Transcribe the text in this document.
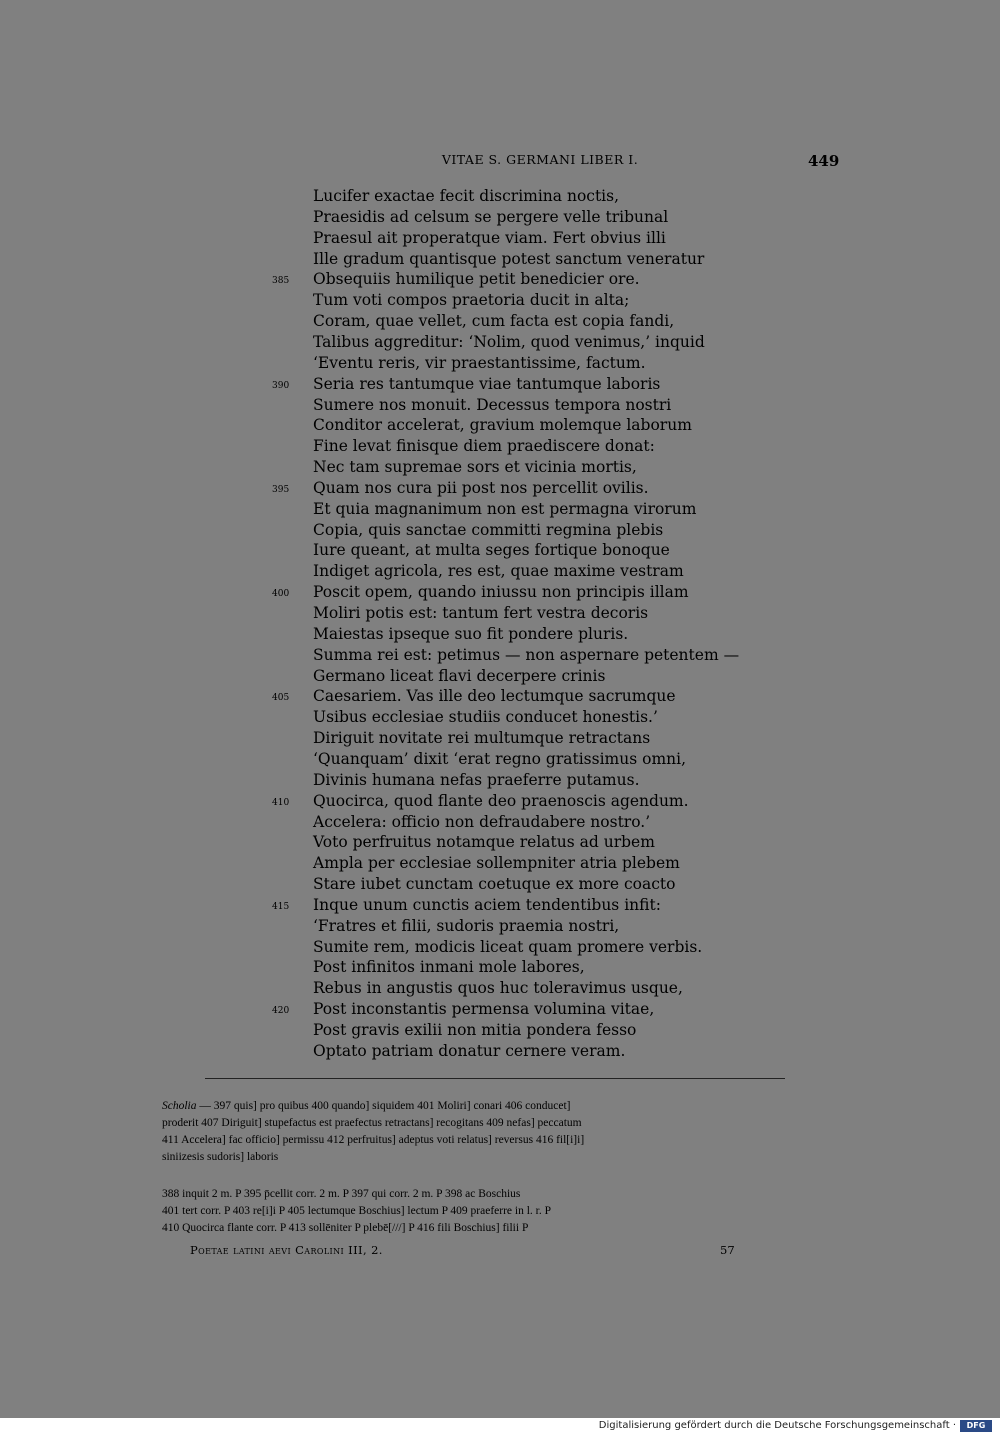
VITAE S. GERMANI LIBER I.	449
Lucifer exactae fecit discrimina noctis,
Praesidis ad celsum se pergere velle tribunal
Praesul ait properatque viam. Fert obvius illi
Ille gradum quantisque potest sanctum veneratur
Obsequiis humilique petit benedicier ore.
Tum voti compos praetoria ducit in alta;
Coram, quae vellet, cum facta est copia fandi,
Talibus aggreditur: ‘Nolim, quod venimus,’ inquid
‘Eventu reris, vir praestantissime, factum.
Seria res tantumque viae tantumque laboris
Sumere nos monuit. Decessus tempora nostri
Conditor accelerat, gravium molemque laborum
Fine levat finisque diem praediscere donat:
Nec tam supremae sors et vicinia mortis,
Quam nos cura pii post nos percellit ovilis.
Et quia magnanimum non est permagna virorum
Copia, quis sanctae committi regmina plebis
Iure queant, at multa seges fortique bonoque
Indiget agricola, res est, quae maxime vestram
Poscit opem, quando iniussu non principis illam
Moliri potis est: tantum fert vestra decoris
Maiestas ipseque suo fit pondere pluris.
Summa rei est: petimus — non aspernare petentem —
Germano liceat flavi decerpere crinis
Caesariem. Vas ille deo lectumque sacrumque
Usibus ecclesiae studiis conducet honestis.’
Diriguit novitate rei multumque retractans
‘Quanquam’ dixit ‘erat regno gratissimus omni,
Divinis humana nefas praeferre putamus.
Quocirca, quod flante deo praenoscis agendum.
Accelera: officio non defraudabere nostro.’
Voto perfruitus notamque relatus ad urbem
Ampla per ecclesiae sollempniter atria plebem
Stare iubet cunctam coetuque ex more coacto
Inque unum cunctis aciem tendentibus infit:
‘Fratres et filii, sudoris praemia nostri,
Sumite rem, modicis liceat quam promere verbis.
Post infinitos inmani mole labores,
Rebus in angustis quos huc toleravimus usque,
Post inconstantis permensa volumina vitae,
Post gravis exilii non mitia pondera fesso
Optato patriam donatur cernere veram.
385
390
395
400
405
410
415
420
Scholia — 397 quis] pro quibus 400 quando] siquidem 401 Moliri] conari 406 conducet]
proderit 407 Diriguit] stupefactus est praefectus retractans] recogitans 409 nefas] peccatum
411 Accelera] fac officio] permissu 412 perfruitus] adeptus voti relatus] reversus 416 fil[i]i]
siniizesis sudoris] laboris
388 inquit 2 m. P 395 p̄cellit corr. 2 m. P 397 qui corr. 2 m. P 398 ac Boschius
401 tert corr. P 403 re[i]i P 405 lectumque Boschius] lectum P 409 praeferre in l. r. P
410 Quocirca flante corr. P 413 sollēniter P plebē[///] P 416 fili Boschius] filii P
Poetae latini aevi Carolini III, 2.	57
Digitalisierung gefördert durch die Deutsche Forschungsgemeinschaft ·	DFG
